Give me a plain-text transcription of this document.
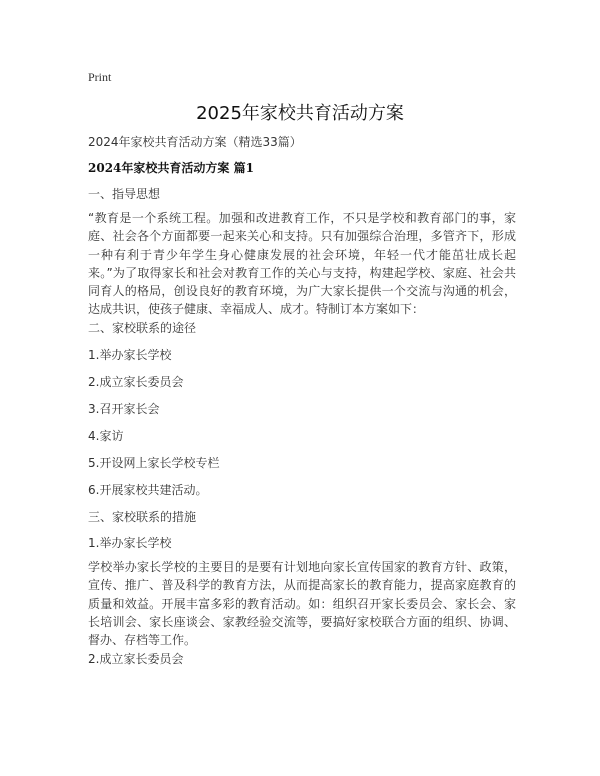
Print
2025年家校共育活动方案
2024年家校共育活动方案（精选33篇）
2024年家校共育活动方案 篇1
一、指导思想
“教育是一个系统工程。加强和改进教育工作，不只是学校和教育部门的事，家庭、社会各个方面都要一起来关心和支持。只有加强综合治理，多管齐下，形成一种有利于青少年学生身心健康发展的社会环境，年轻一代才能茁壮成长起来。”为了取得家长和社会对教育工作的关心与支持，构建起学校、家庭、社会共同育人的格局，创设良好的教育环境，为广大家长提供一个交流与沟通的机会，达成共识，使孩子健康、幸福成人、成才。特制订本方案如下：
二、家校联系的途径
1.举办家长学校
2.成立家长委员会
3.召开家长会
4.家访
5.开设网上家长学校专栏
6.开展家校共建活动。
三、家校联系的措施
1.举办家长学校
学校举办家长学校的主要目的是要有计划地向家长宣传国家的教育方针、政策，宣传、推广、普及科学的教育方法，从而提高家长的教育能力，提高家庭教育的质量和效益。开展丰富多彩的教育活动。如：组织召开家长委员会、家长会、家长培训会、家长座谈会、家教经验交流等，要搞好家校联合方面的组织、协调、督办、存档等工作。
2.成立家长委员会
